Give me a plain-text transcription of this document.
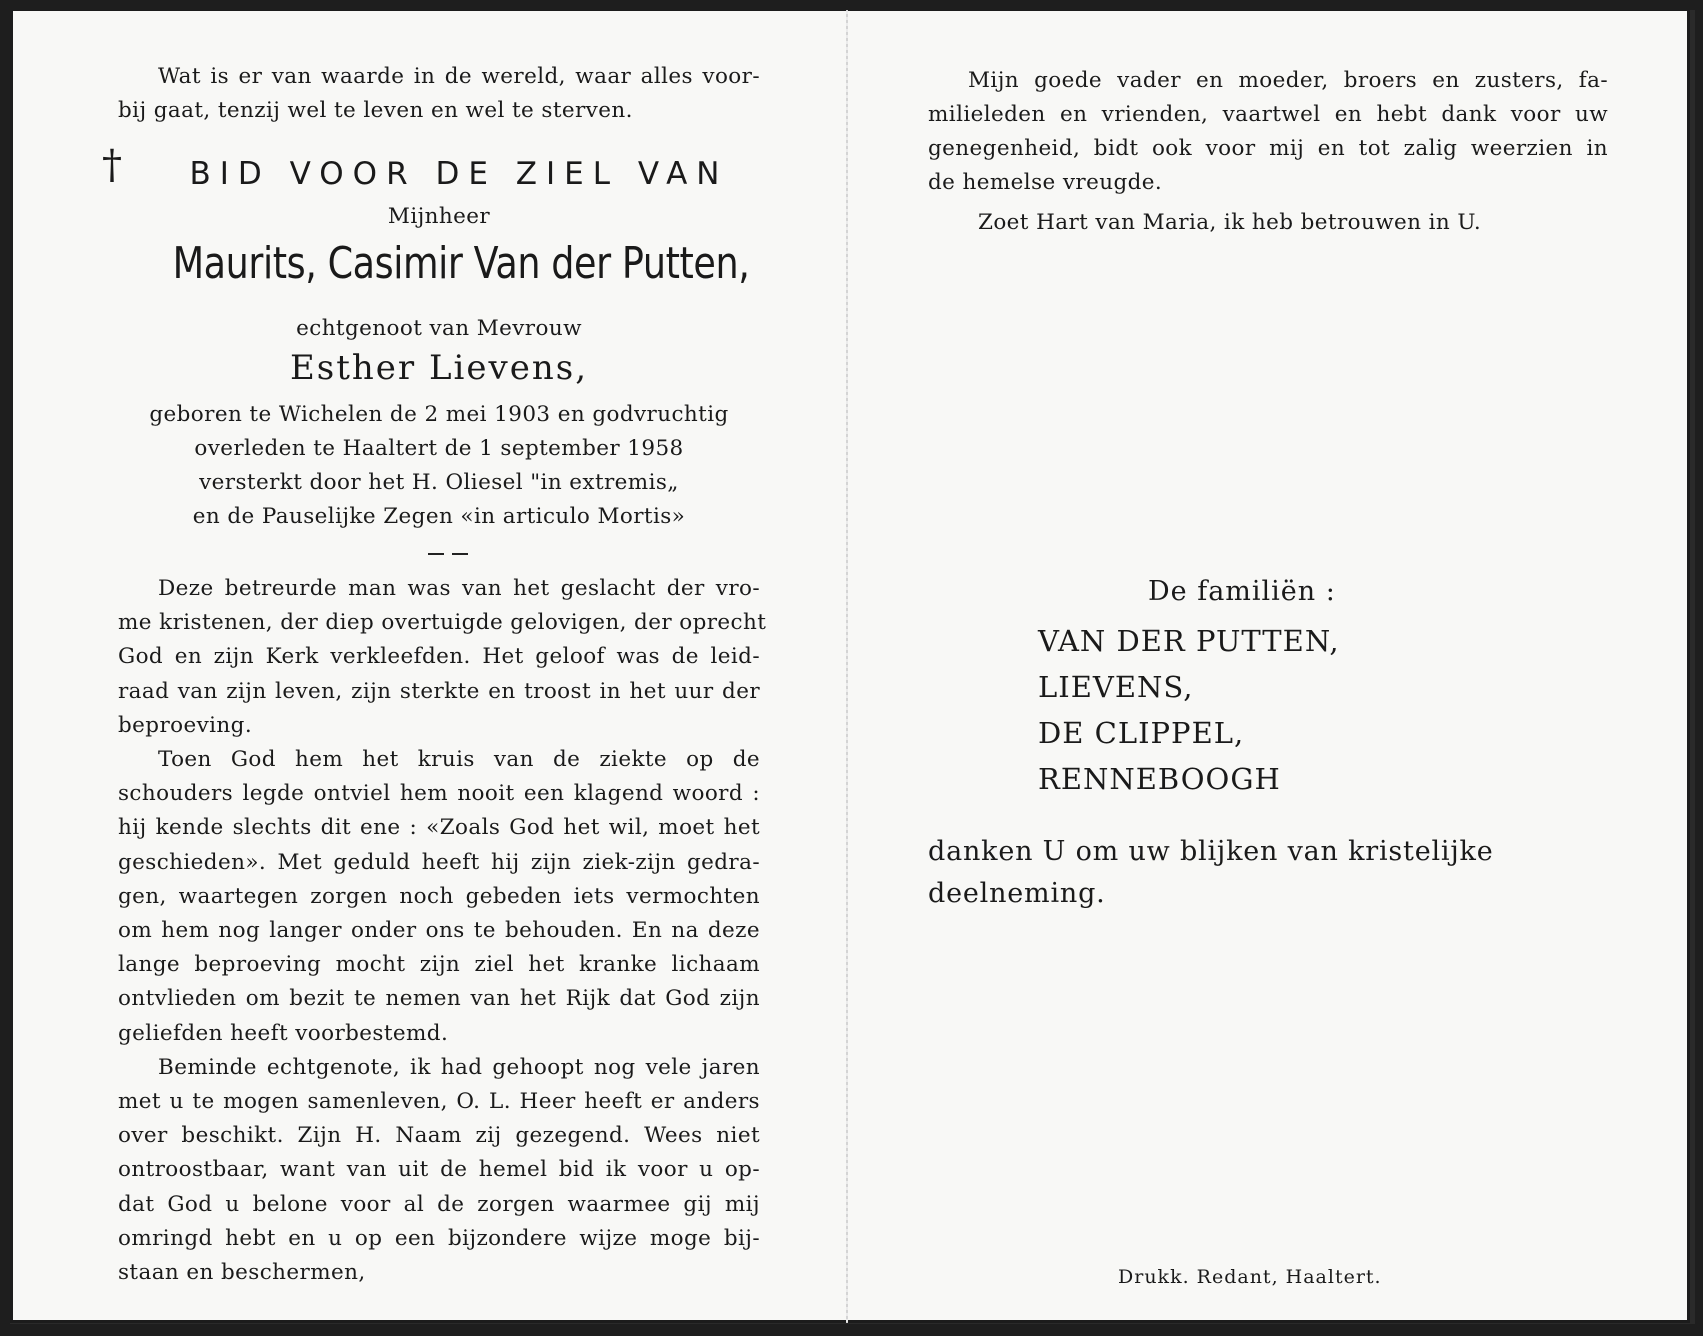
Wat is er van waarde in de wereld, waar alles voor-
bij gaat, tenzij wel te leven en wel te sterven.
†	BID VOOR DE ZIEL VAN
Mijnheer
Maurits, Casimir Van der Putten,
echtgenoot van Mevrouw
Esther Lievens,
geboren te Wichelen de 2 mei 1903 en godvruchtig
overleden te Haaltert de 1 september 1958
versterkt door het H. Oliesel "in extremis„
en de Pauselijke Zegen «in articulo Mortis»
Deze betreurde man was van het geslacht der vro-
me kristenen, der diep overtuigde gelovigen, der oprecht
God en zijn Kerk verkleefden. Het geloof was de leid-
raad van zijn leven, zijn sterkte en troost in het uur der
beproeving.
Toen God hem het kruis van de ziekte op de
schouders legde ontviel hem nooit een klagend woord :
hij kende slechts dit ene : «Zoals God het wil, moet het
geschieden». Met geduld heeft hij zijn ziek-zijn gedra-
gen, waartegen zorgen noch gebeden iets vermochten
om hem nog langer onder ons te behouden. En na deze
lange beproeving mocht zijn ziel het kranke lichaam
ontvlieden om bezit te nemen van het Rijk dat God zijn
geliefden heeft voorbestemd.
Beminde echtgenote, ik had gehoopt nog vele jaren
met u te mogen samenleven, O. L. Heer heeft er anders
over beschikt. Zijn H. Naam zij gezegend. Wees niet
ontroostbaar, want van uit de hemel bid ik voor u op-
dat God u belone voor al de zorgen waarmee gij mij
omringd hebt en u op een bijzondere wijze moge bij-
staan en beschermen,
Mijn goede vader en moeder, broers en zusters, fa-
milieleden en vrienden, vaartwel en hebt dank voor uw
genegenheid, bidt ook voor mij en tot zalig weerzien in
de hemelse vreugde.
Zoet Hart van Maria, ik heb betrouwen in U.
De familiën :
VAN DER PUTTEN,
LIEVENS,
DE CLIPPEL,
RENNEBOOGH
danken U om uw blijken van kristelijke
deelneming.
Drukk. Redant, Haaltert.
